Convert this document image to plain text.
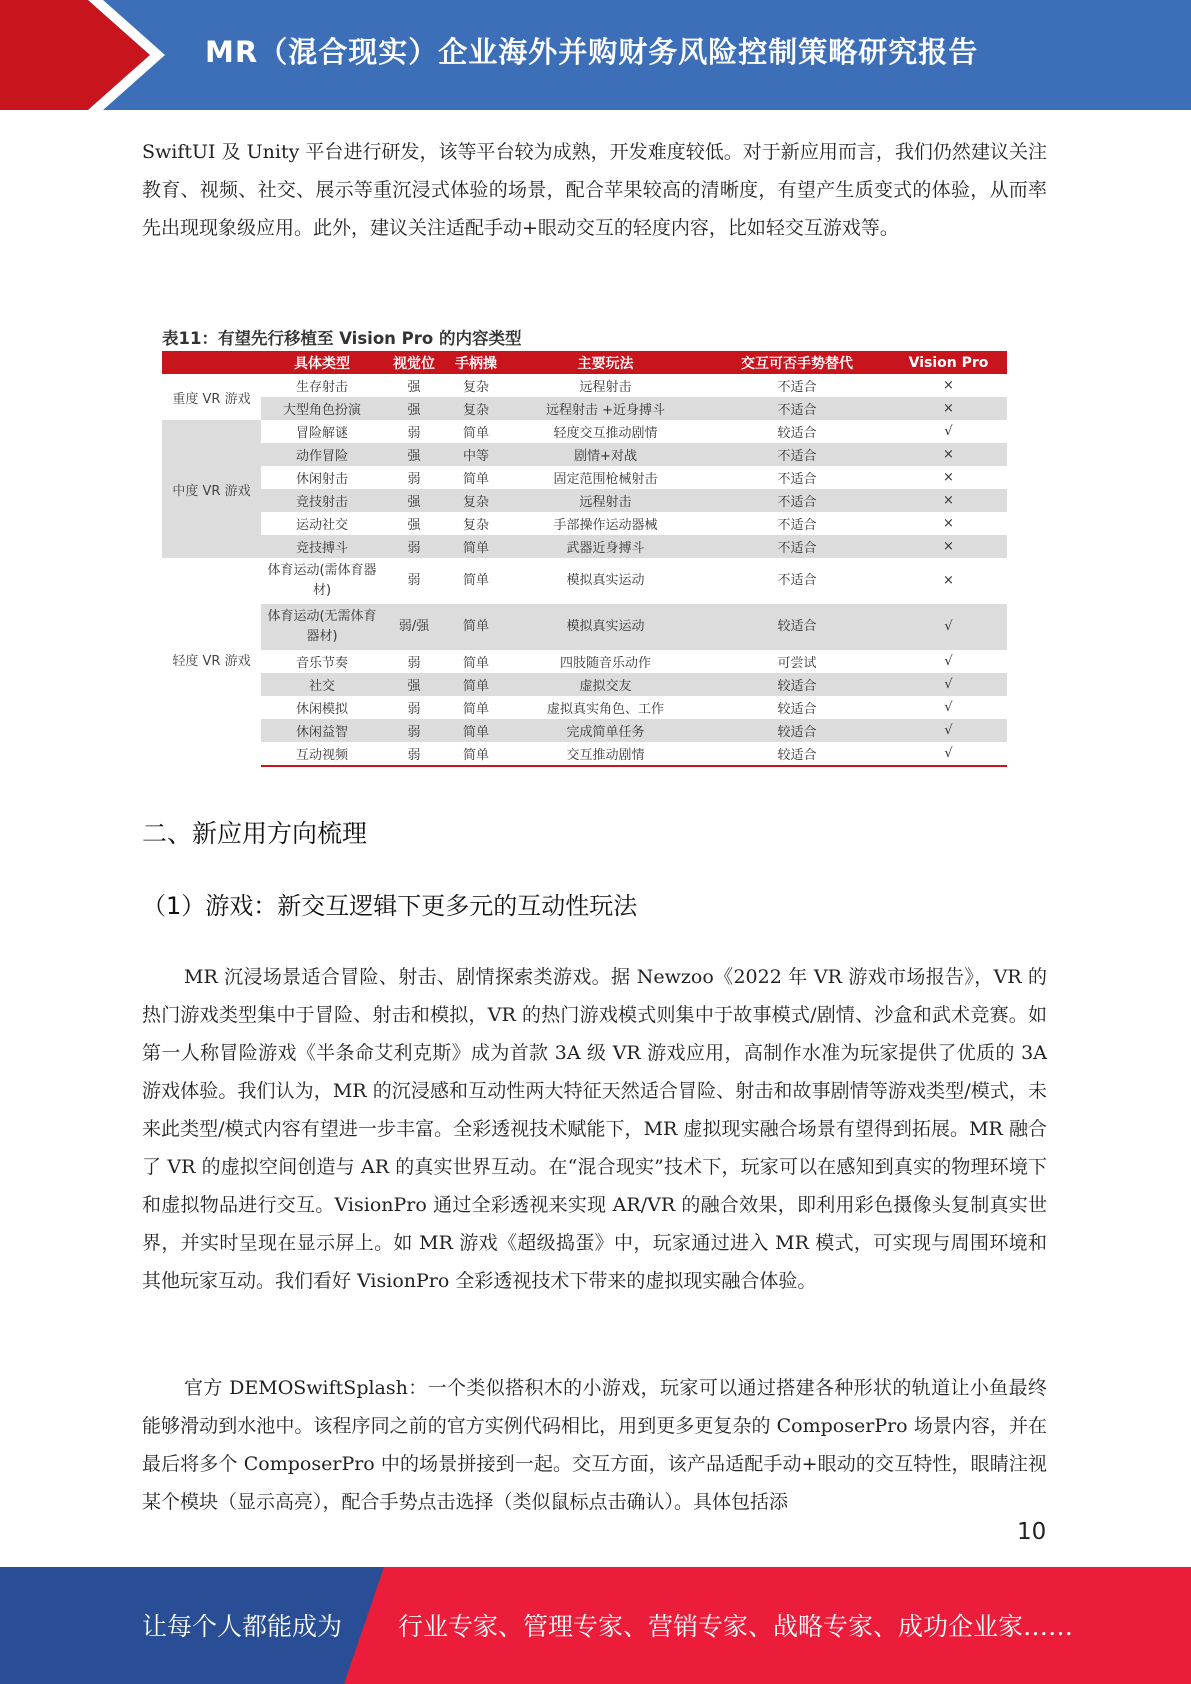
MR（混合现实）企业海外并购财务风险控制策略研究报告

SwiftUI 及 Unity 平台进行研发，该等平台较为成熟，开发难度较低。对于新应用而言，我们仍然建议关注教育、视频、社交、展示等重沉浸式体验的场景，配合苹果较高的清晰度，有望产生质变式的体验，从而率先出现现象级应用。此外，建议关注适配手动+眼动交互的轻度内容，比如轻交互游戏等。

表11：有望先行移植至 Vision Pro 的内容类型
	具体类型	视觉位	手柄操	主要玩法	交互可否手势替代	Vision Pro
重度 VR 游戏	生存射击	强	复杂	远程射击	不适合	×
	大型角色扮演	强	复杂	远程射击 +近身搏斗	不适合	×
中度 VR 游戏	冒险解谜	弱	简单	轻度交互推动剧情	较适合	√
	动作冒险	强	中等	剧情+对战	不适合	×
	休闲射击	弱	简单	固定范围枪械射击	不适合	×
	竞技射击	强	复杂	远程射击	不适合	×
	运动社交	强	复杂	手部操作运动器械	不适合	×
	竞技搏斗	弱	简单	武器近身搏斗	不适合	×
轻度 VR 游戏	体育运动(需体育器材)	弱	简单	模拟真实运动	不适合	×
	体育运动(无需体育器材)	弱/强	简单	模拟真实运动	较适合	√
	音乐节奏	弱	简单	四肢随音乐动作	可尝试	√
	社交	强	简单	虚拟交友	较适合	√
	休闲模拟	弱	简单	虚拟真实角色、工作	较适合	√
	休闲益智	弱	简单	完成简单任务	较适合	√
	互动视频	弱	简单	交互推动剧情	较适合	√
二、新应用方向梳理
（1）游戏：新交互逻辑下更多元的互动性玩法

MR 沉浸场景适合冒险、射击、剧情探索类游戏。据 Newzoo《2022 年 VR 游戏市场报告》，VR 的热门游戏类型集中于冒险、射击和模拟，VR 的热门游戏模式则集中于故事模式/剧情、沙盒和武术竞赛。如第一人称冒险游戏《半条命艾利克斯》成为首款 3A 级 VR 游戏应用，高制作水准为玩家提供了优质的 3A 游戏体验。我们认为，MR 的沉浸感和互动性两大特征天然适合冒险、射击和故事剧情等游戏类型/模式，未来此类型/模式内容有望进一步丰富。全彩透视技术赋能下，MR 虚拟现实融合场景有望得到拓展。MR 融合了 VR 的虚拟空间创造与 AR 的真实世界互动。在“混合现实”技术下，玩家可以在感知到真实的物理环境下和虚拟物品进行交互。VisionPro 通过全彩透视来实现 AR/VR 的融合效果，即利用彩色摄像头复制真实世界，并实时呈现在显示屏上。如 MR 游戏《超级捣蛋》中，玩家通过进入 MR 模式，可实现与周围环境和其他玩家互动。我们看好 VisionPro 全彩透视技术下带来的虚拟现实融合体验。

官方 DEMOSwiftSplash：一个类似搭积木的小游戏，玩家可以通过搭建各种形状的轨道让小鱼最终能够滑动到水池中。该程序同之前的官方实例代码相比，用到更多更复杂的 ComposerPro 场景内容，并在最后将多个 ComposerPro 中的场景拼接到一起。交互方面，该产品适配手动+眼动的交互特性，眼睛注视某个模块（显示高亮），配合手势点击选择（类似鼠标点击确认）。具体包括添

10
让每个人都能成为 行业专家、管理专家、营销专家、战略专家、成功企业家……
